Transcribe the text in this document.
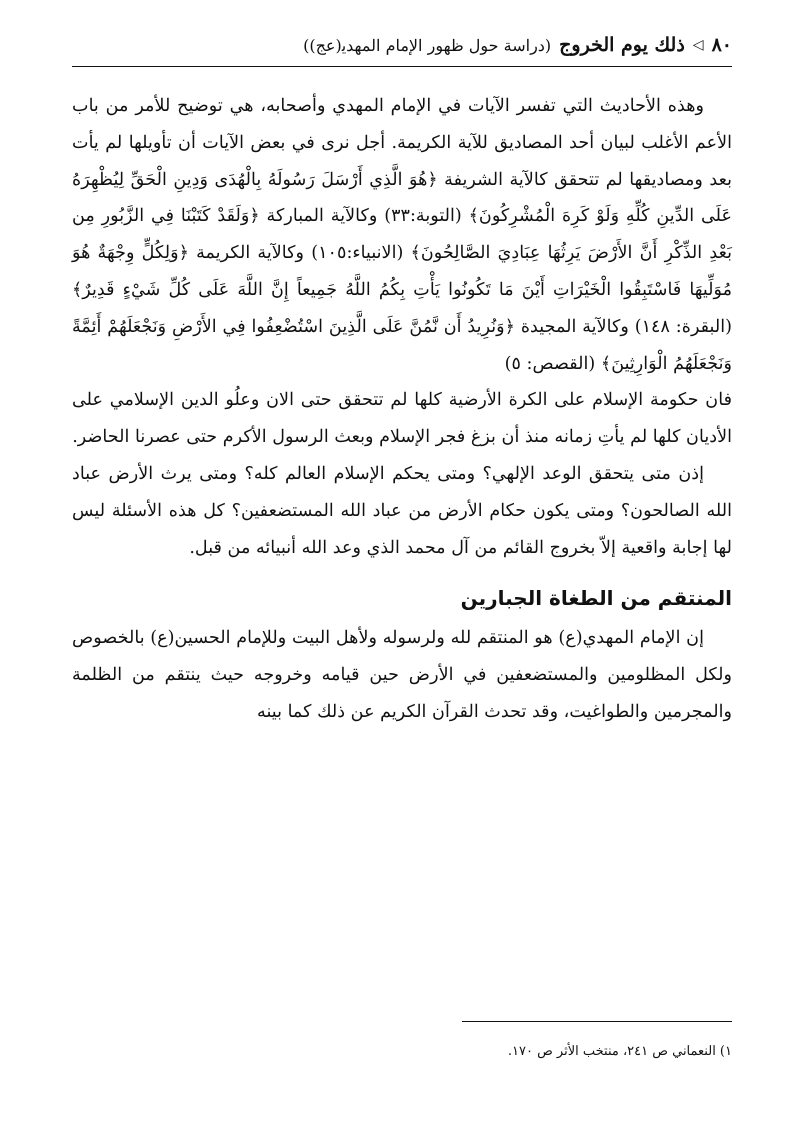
٨٠
◁
ذلك يوم الخروج
(دراسة حول ظهور الإمام المهدي‍‍(عج))

وهذه الأحاديث التي تفسر الآيات في الإمام المهدي وأصحابه، هي توضيح للأمر من باب الأعم الأغلب لبيان أحد المصاديق للآية الكريمة. أجل نرى في بعض الآيات أن تأويلها لم يأت بعد ومصاديقها لم تتحقق كالآية الشريفة ﴿هُوَ الَّذِي أَرْسَلَ رَسُولَهُ بِالْهُدَى وَدِينِ الْحَقِّ لِيُظْهِرَهُ عَلَى الدِّينِ كُلِّهِ وَلَوْ كَرِهَ الْمُشْرِكُونَ﴾ (التوبة:٣٣) وكالآية المباركة ﴿وَلَقَدْ كَتَبْنَا فِي الزَّبُورِ مِن بَعْدِ الذِّكْرِ أَنَّ الأَرْضَ يَرِثُهَا عِبَادِيَ الصَّالِحُونَ﴾ (الانبياء:١٠٥) وكالآية الكريمة ﴿وَلِكُلٍّ وِجْهَةٌ هُوَ مُوَلِّيهَا فَاسْتَبِقُوا الْخَيْرَاتِ أَيْنَ مَا تَكُونُوا يَأْتِ بِكُمُ اللَّهُ جَمِيعاً إِنَّ اللَّهَ عَلَى كُلِّ شَيْءٍ قَدِيرٌ﴾(البقرة: ١٤٨) وكالآية المجيدة ﴿وَنُرِيدُ أَن نَّمُنَّ عَلَى الَّذِينَ اسْتُضْعِفُوا فِي الأَرْضِ وَنَجْعَلَهُمْ أَئِمَّةً وَنَجْعَلَهُمُ الْوَارِثِينَ﴾ (القصص: ٥)

فان حكومة الإسلام على الكرة الأرضية كلها لم تتحقق حتى الان وعلُو الدين الإسلامي على الأديان كلها لم يأتِ زمانه منذ أن بزغ فجر الإسلام وبعث الرسول الأكرم حتى عصرنا الحاضر.

إذن متى يتحقق الوعد الإلهي؟ ومتى يحكم الإسلام العالم كله؟ ومتى يرث الأرض عباد الله الصالحون؟ ومتى يكون حكام الأرض من عباد الله المستضعفين؟ كل هذه الأسئلة ليس لها إجابة واقعية إلاّ بخروج القائم من آل محمد الذي وعد الله أنبيائه من قبل.

المنتقم من الطغاة الجبارين

إن الإمام المهدي(ع) هو المنتقم لله ولرسوله ولأهل البيت وللإمام الحسين(ع) بالخصوص ولكل المظلومين والمستضعفين في الأرض حين قيامه وخروجه حيث ينتقم من الظلمة والمجرمين والطواغيت، وقد تحدث القرآن الكريم عن ذلك كما بينه

١) النعماني ص ٢٤١، منتخب الأثر ص ١٧٠.
